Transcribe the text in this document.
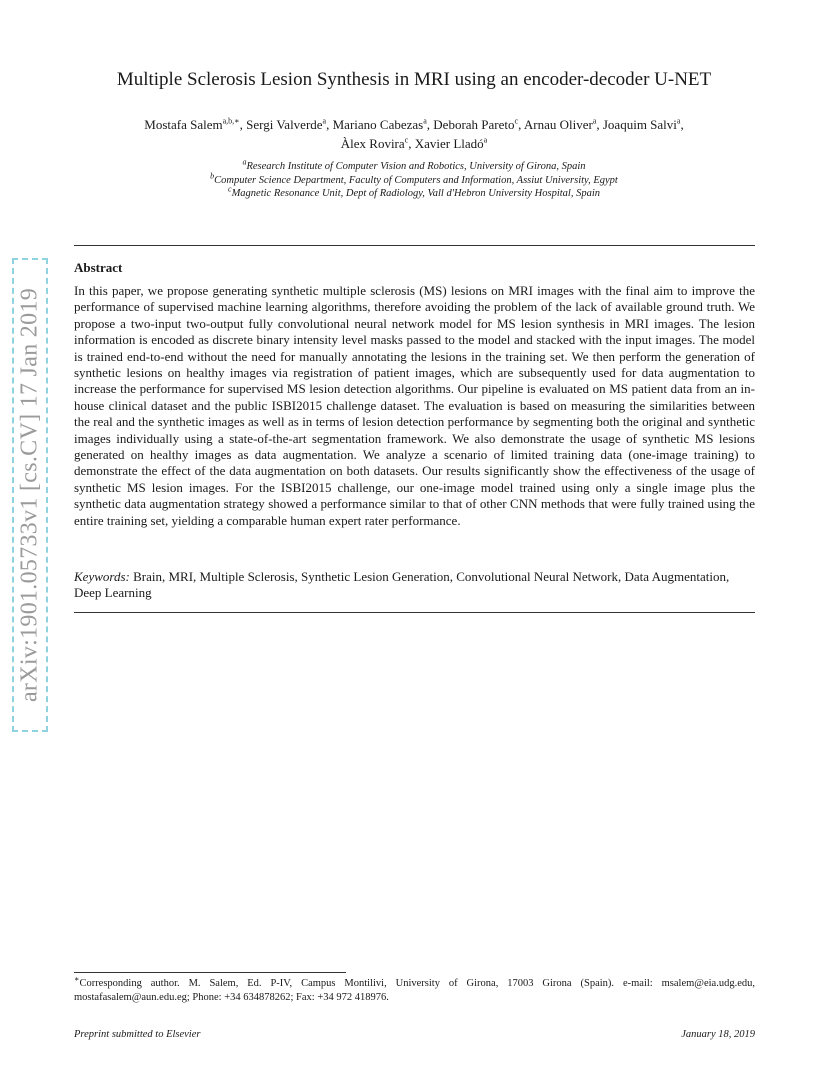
arXiv:1901.05733v1 [cs.CV] 17 Jan 2019
Multiple Sclerosis Lesion Synthesis in MRI using an encoder-decoder U-NET
Mostafa Salem$^{a,b,∗}$, Sergi Valverde$^a$, Mariano Cabezas$^a$, Deborah Pareto$^c$, Arnau Oliver$^a$, Joaquim Salvi$^a$,
Àlex Rovira$^c$, Xavier Lladó$^a$
$^a$Research Institute of Computer Vision and Robotics, University of Girona, Spain
$^b$Computer Science Department, Faculty of Computers and Information, Assiut University, Egypt
$^c$Magnetic Resonance Unit, Dept of Radiology, Vall d'Hebron University Hospital, Spain
Abstract
In this paper, we propose generating synthetic multiple sclerosis (MS) lesions on MRI images with the final aim to improve the performance of supervised machine learning algorithms, therefore avoiding the problem of the lack of available ground truth. We propose a two-input two-output fully convolutional neural network model for MS lesion synthesis in MRI images. The lesion information is encoded as discrete binary intensity level masks passed to the model and stacked with the input images. The model is trained end-to-end without the need for manually annotating the lesions in the training set. We then perform the generation of synthetic lesions on healthy images via registration of patient images, which are subsequently used for data augmentation to increase the performance for supervised MS lesion detection algorithms. Our pipeline is evaluated on MS patient data from an in-house clinical dataset and the public ISBI2015 challenge dataset. The evaluation is based on measuring the similarities between the real and the synthetic images as well as in terms of lesion detection performance by segmenting both the original and synthetic images individually using a state-of-the-art segmentation framework. We also demonstrate the usage of synthetic MS lesions generated on healthy images as data augmentation. We analyze a scenario of limited training data (one-image training) to demonstrate the effect of the data augmentation on both datasets. Our results significantly show the effectiveness of the usage of synthetic MS lesion images. For the ISBI2015 challenge, our one-image model trained using only a single image plus the synthetic data augmentation strategy showed a performance similar to that of other CNN methods that were fully trained using the entire training set, yielding a comparable human expert rater performance.
Keywords: Brain, MRI, Multiple Sclerosis, Synthetic Lesion Generation, Convolutional Neural Network, Data Augmentation, Deep Learning
∗Corresponding author. M. Salem, Ed. P-IV, Campus Montilivi, University of Girona, 17003 Girona (Spain). e-mail: msalem@eia.udg.edu, mostafasalem@aun.edu.eg; Phone: +34 634878262; Fax: +34 972 418976.
Preprint submitted to Elsevier	January 18, 2019
